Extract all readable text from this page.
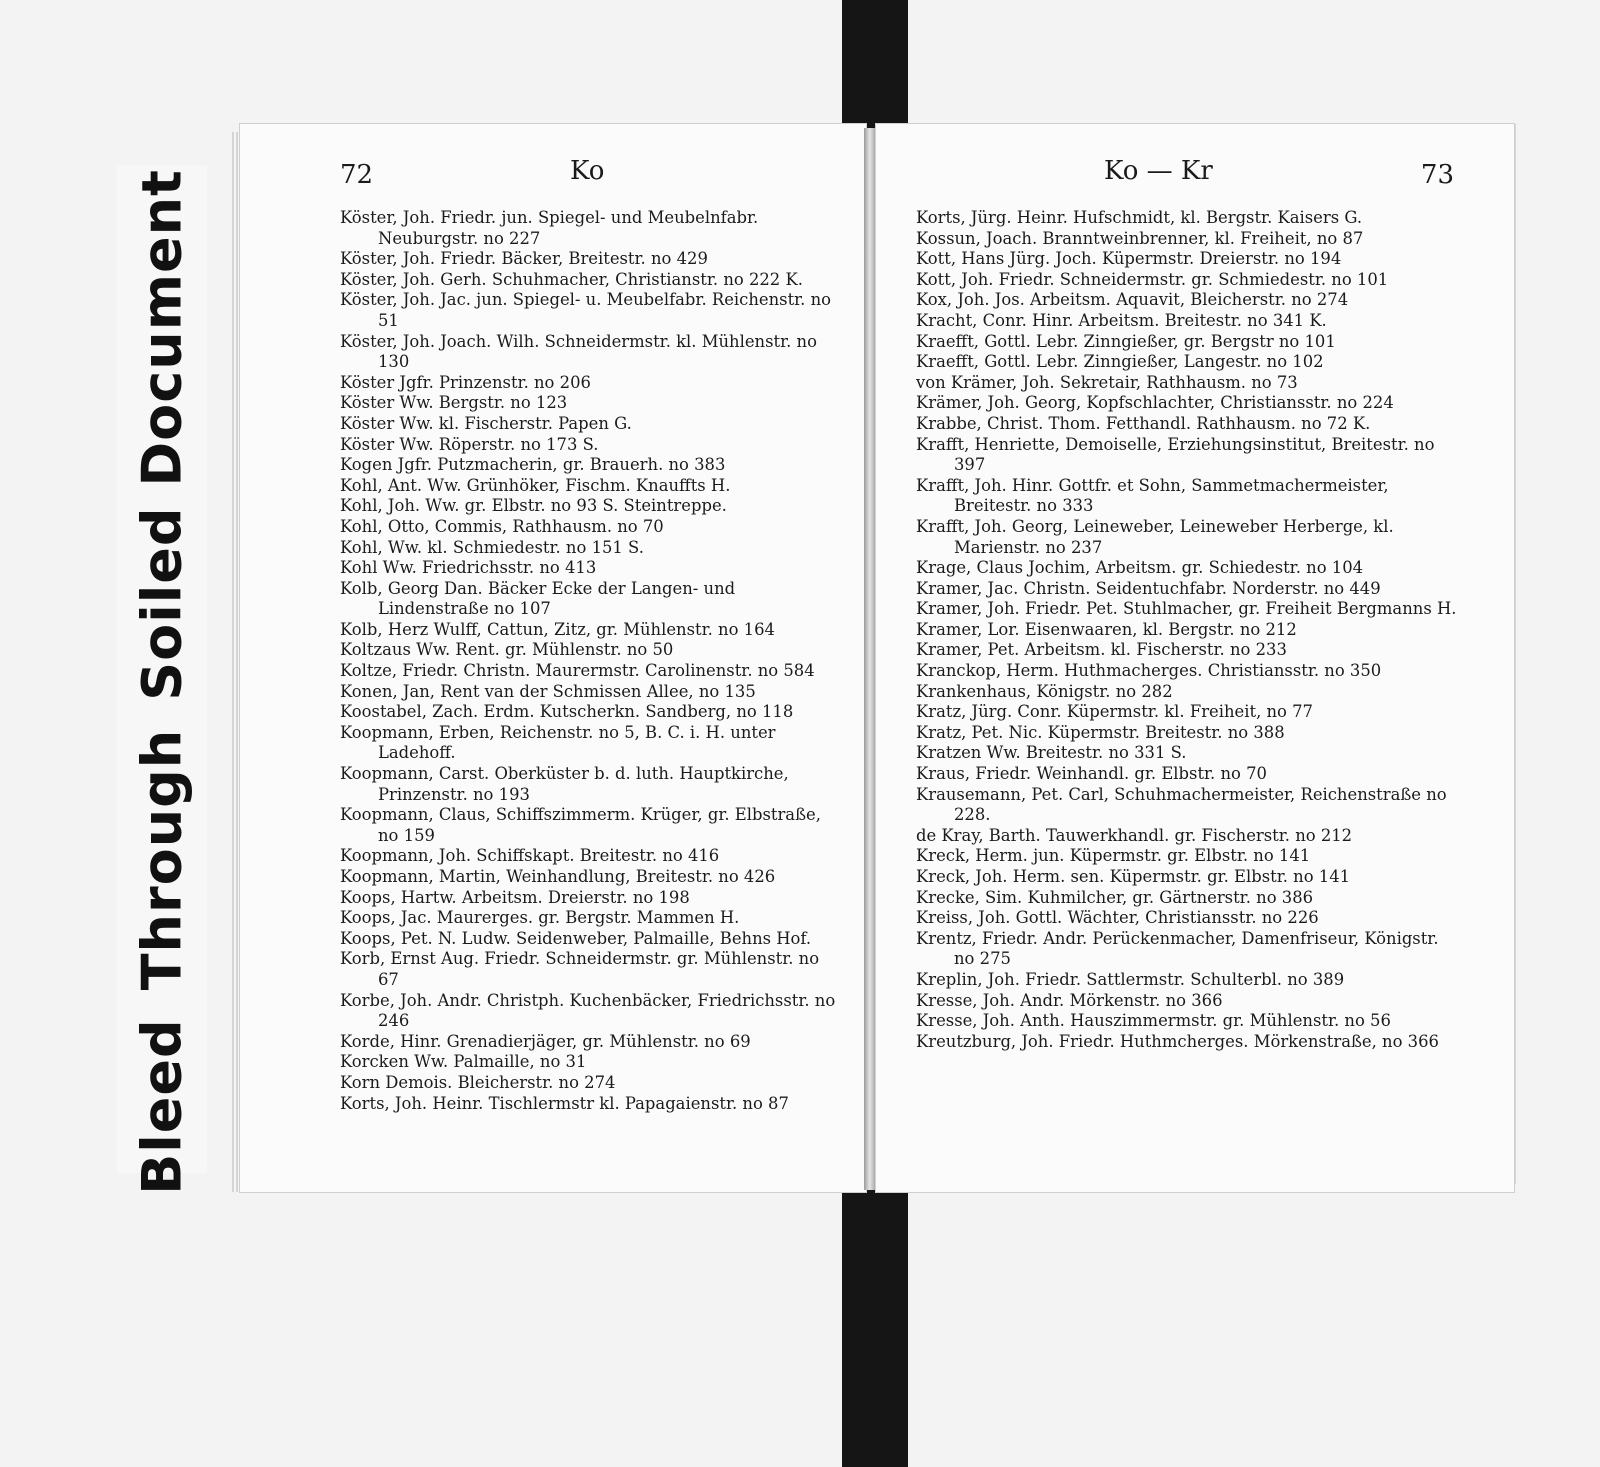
BleedThroughSoiled Document	72	Ko
Köster, Joh. Friedr. jun. Spiegel- und Meubelnfabr. Neuburgstr. no 227
Köster, Joh. Friedr. Bäcker, Breitestr. no 429
Köster, Joh. Gerh. Schuhmacher, Christianstr. no 222 K.
Köster, Joh. Jac. jun. Spiegel- u. Meubelfabr. Reichenstr. no 51
Köster, Joh. Joach. Wilh. Schneidermstr. kl. Mühlenstr. no 130
Köster Jgfr. Prinzenstr. no 206
Köster Ww. Bergstr. no 123
Köster Ww. kl. Fischerstr. Papen G.
Köster Ww. Röperstr. no 173 S.
Kogen Jgfr. Putzmacherin, gr. Brauerh. no 383
Kohl, Ant. Ww. Grünhöker, Fischm. Knauffts H.
Kohl, Joh. Ww. gr. Elbstr. no 93 S. Steintreppe.
Kohl, Otto, Commis, Rathhausm. no 70
Kohl, Ww. kl. Schmiedestr. no 151 S.
Kohl Ww. Friedrichsstr. no 413
Kolb, Georg Dan. Bäcker Ecke der Langen- und Lindenstraße no 107
Kolb, Herz Wulff, Cattun, Zitz, gr. Mühlenstr. no 164
Koltzaus Ww. Rent. gr. Mühlenstr. no 50
Koltze, Friedr. Christn. Maurermstr. Carolinenstr. no 584
Konen, Jan, Rent van der Schmissen Allee, no 135
Koostabel, Zach. Erdm. Kutscherkn. Sandberg, no 118
Koopmann, Erben, Reichenstr. no 5, B. C. i. H. unter Ladehoff.
Koopmann, Carst. Oberküster b. d. luth. Hauptkirche, Prinzenstr. no 193
Koopmann, Claus, Schiffszimmerm. Krüger, gr. Elbstraße, no 159
Koopmann, Joh. Schiffskapt. Breitestr. no 416
Koopmann, Martin, Weinhandlung, Breitestr. no 426
Koops, Hartw. Arbeitsm. Dreierstr. no 198
Koops, Jac. Maurerges. gr. Bergstr. Mammen H.
Koops, Pet. N. Ludw. Seidenweber, Palmaille, Behns Hof.
Korb, Ernst Aug. Friedr. Schneidermstr. gr. Mühlenstr. no 67
Korbe, Joh. Andr. Christph. Kuchenbäcker, Friedrichsstr. no 246
Korde, Hinr. Grenadierjäger, gr. Mühlenstr. no 69
Korcken Ww. Palmaille, no 31
Korn Demois. Bleicherstr. no 274
Korts, Joh. Heinr. Tischlermstr kl. Papagaienstr. no 87
Ko — Kr	73
Korts, Jürg. Heinr. Hufschmidt, kl. Bergstr. Kaisers G.
Kossun, Joach. Branntweinbrenner, kl. Freiheit, no 87
Kott, Hans Jürg. Joch. Küpermstr. Dreierstr. no 194
Kott, Joh. Friedr. Schneidermstr. gr. Schmiedestr. no 101
Kox, Joh. Jos. Arbeitsm. Aquavit, Bleicherstr. no 274
Kracht, Conr. Hinr. Arbeitsm. Breitestr. no 341 K.
Kraefft, Gottl. Lebr. Zinngießer, gr. Bergstr no 101
Kraefft, Gottl. Lebr. Zinngießer, Langestr. no 102
von Krämer, Joh. Sekretair, Rathhausm. no 73
Krämer, Joh. Georg, Kopfschlachter, Christiansstr. no 224
Krabbe, Christ. Thom. Fetthandl. Rathhausm. no 72 K.
Krafft, Henriette, Demoiselle, Erziehungsinstitut, Breitestr. no 397
Krafft, Joh. Hinr. Gottfr. et Sohn, Sammetmachermeister, Breitestr. no 333
Krafft, Joh. Georg, Leineweber, Leineweber Herberge, kl. Marienstr. no 237
Krage, Claus Jochim, Arbeitsm. gr. Schiedestr. no 104
Kramer, Jac. Christn. Seidentuchfabr. Norderstr. no 449
Kramer, Joh. Friedr. Pet. Stuhlmacher, gr. Freiheit Bergmanns H.
Kramer, Lor. Eisenwaaren, kl. Bergstr. no 212
Kramer, Pet. Arbeitsm. kl. Fischerstr. no 233
Kranckop, Herm. Huthmacherges. Christiansstr. no 350
Krankenhaus, Königstr. no 282
Kratz, Jürg. Conr. Küpermstr. kl. Freiheit, no 77
Kratz, Pet. Nic. Küpermstr. Breitestr. no 388
Kratzen Ww. Breitestr. no 331 S.
Kraus, Friedr. Weinhandl. gr. Elbstr. no 70
Krausemann, Pet. Carl, Schuhmachermeister, Reichenstraße no 228.
de Kray, Barth. Tauwerkhandl. gr. Fischerstr. no 212
Kreck, Herm. jun. Küpermstr. gr. Elbstr. no 141
Kreck, Joh. Herm. sen. Küpermstr. gr. Elbstr. no 141
Krecke, Sim. Kuhmilcher, gr. Gärtnerstr. no 386
Kreiss, Joh. Gottl. Wächter, Christiansstr. no 226
Krentz, Friedr. Andr. Perückenmacher, Damenfriseur, Königstr. no 275
Kreplin, Joh. Friedr. Sattlermstr. Schulterbl. no 389
Kresse, Joh. Andr. Mörkenstr. no 366
Kresse, Joh. Anth. Hauszimmermstr. gr. Mühlenstr. no 56
Kreutzburg, Joh. Friedr. Huthmcherges. Mörkenstraße, no 366
